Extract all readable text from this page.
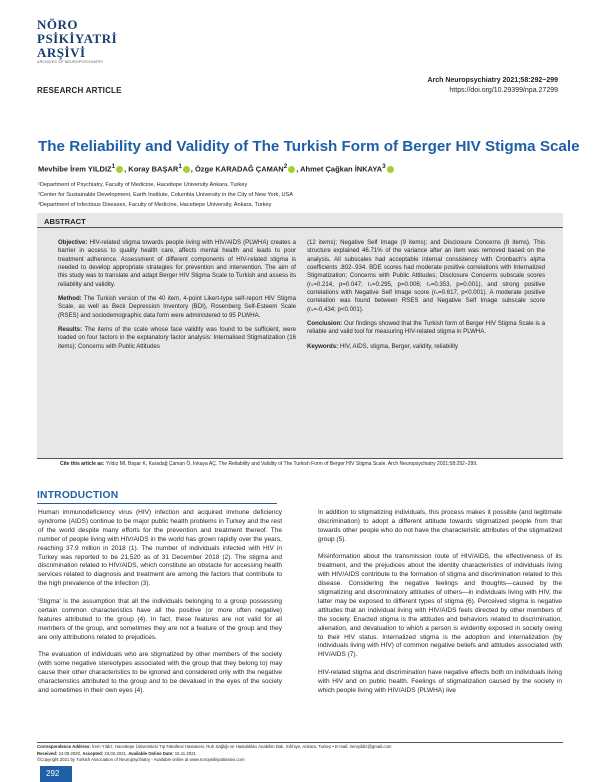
NÖRO
PSİKİYATRİ
ARŞİVİ
ARCHIVES OF NEUROPSYCHIATRY
RESEARCH ARTICLE
Arch Neuropsychiatry 2021;58:292−299
https://doi.org/10.29399/npa.27299
The Reliability and Validity of The Turkish Form of Berger HIV Stigma Scale
Mevhibe İrem YILDIZ$^1$ , Koray BAŞAR$^1$ , Özge KARADAĞ ÇAMAN$^2$ , Ahmet Çağkan İNKAYA$^3$
¹Department of Psychiatry, Faculty of Medicine, Hacettepe University Ankara, Turkey
²Center for Sustainable Development, Earth Institute, Columbia University in the City of New York, USA
³Department of Infectious Diseases, Faculty of Medicine, Hacettepe University, Ankara, Turkey
ABSTRACT

Objective: HIV-related stigma towards people living with HIV/AIDS (PLWHA) creates a barrier in access to quality health care, affects mental health and leads to poor treatment adherence. Assessment of different components of HIV-related stigma is needed to develop appropriate strategies for prevention and intervention. The aim of this study was to translate and adapt Berger HIV Stigma Scale to Turkish and assess its reliability and validity.

Method: The Turkish version of the 40 item, 4-point Likert-type self-report HIV Stigma Scale, as well as Beck Depression Inventory (BDI), Rosenberg Self-Esteem Scale (RSES) and sociodemographic data form were administered to 95 PLWHA.

Results: The items of the scale whose face validity was found to be sufficient, were loaded on four factors in the explanatory factor analysis: Internalised Stigmatization (16 items); Concerns with Public Attitudes

(12 items); Negative Self Image (9 items); and Disclosure Concerns (8 items). This structure explained 46.71% of the variance after an item was removed based on the analysis. All subscales had acceptable internal consistency with Cronbach's alpha coefficients .802-.934. BDE scores had moderate positive correlations with Internalized Stigmatization; Concerns with Public Attitudes; Disclosure Concerns subscale scores (rₛ=0.214, p=0.047; rₛ=0.295, p=0.006; rₛ=0.353, p=0.001), and strong positive correlations with Negative Self Image score (rₛ=0.617, p<0.001). A moderate positive correlation was found between RSES and Negative Self Image subscale score (rₛ=-0.434; p<0.001).

Conclusion: Our findings showed that the Turkish form of Berger HIV Stigma Scale is a reliable and valid tool for measuring HIV-related stigma in PLWHA.

Keywords: HIV, AIDS, stigma, Berger, validity, reliability

Cite this article as: Yıldız Mİ, Başar K, Karadağ Çaman Ö, İnkaya AÇ. The Reliability and Validity of The Turkish Form of Berger HIV Stigma Scale. Arch Neuropsychiatry 2021;58:292−299.
INTRODUCTION

Human immunodeficiency virus (HIV) infection and acquired immune deficiency syndrome (AIDS) continue to be major public health problems in Turkey and the rest of the world despite many efforts for the prevention and treatment thereof. The number of people living with HIV/AIDS in the world has grown rapidly over the years, reaching 37.9 million in 2018 (1). The number of individuals infected with HIV in Turkey was reported to be 21,520 as of 31 December 2018 (2). The stigma and discrimination related to HIV/AIDS, which constitute an obstacle for accessing health services related to diagnosis and treatment are among the factors that contribute to the high prevalence of the infection (3).

'Stigma' is the assumption that all the individuals belonging to a group possessing certain common characteristics have all the positive (or more often negative) features attributed to the group (4). In fact, these features are not valid for all members of the group, and sometimes they are not a feature of the group and they are only attributions related to prejudices.

The evaluation of individuals who are stigmatized by other members of the society (with some negative stereotypes associated with the group that they belong to) may cause their other characteristics to be ignored and considered only with the negative characteristics attributed to the group and to be devalued in the eyes of the society and sometimes in their own eyes (4).

In addition to stigmatizing individuals, this process makes it possible (and legitimate discrimination) to adopt a different attitude towards stigmatized people from that towards other people who do not have the characteristic attributes of the stigmatized group (5).

Misinformation about the transmission route of HIV/AIDS, the effectiveness of its treatment, and the prejudices about the identity characteristics of individuals living with HIV/AIDS contribute to the formation of stigma and discrimination related to this disease. Considering the negative feelings and thoughts—caused by the stigmatizing and discriminatory attitudes of others—in individuals living with HIV, the latter may be exposed to different types of stigma (6). Perceived stigma is negative attitudes that an individual living with HIV/AIDS feels directed by other members of the society. Enacted stigma is the attitudes and behaviors related to discrimination, alienation, and devaluation to which a person is evidently exposed in society owing to their HIV status. Internalized stigma is the adoption and internalization (by individuals living with HIV) of common negative beliefs and attitudes associated with HIV/AIDS (7).

HIV-related stigma and discrimination have negative effects both on individuals living with HIV and on public health. Feelings of stigmatization caused by the society in which people living with HIV/AIDS (PLWHA) live

Correspondence Address: İrem Yıldız, Hacettepe Üniversitesi Tıp Fakültesi Hastanesi, Ruh Sağlığı ve Hastalıkları Anabilim Dalı, Sıhhiye, Ankara, Turkey • E-mail: iremyildiz@gmail.com
Received: 24.06.2020, Accepted: 23.02.2021, Available Online Date: 15.11.2021
©Copyright 2021 by Turkish Association of Neuropsychiatry - Available online at www.noropsikiyatriarsivi.com
292
